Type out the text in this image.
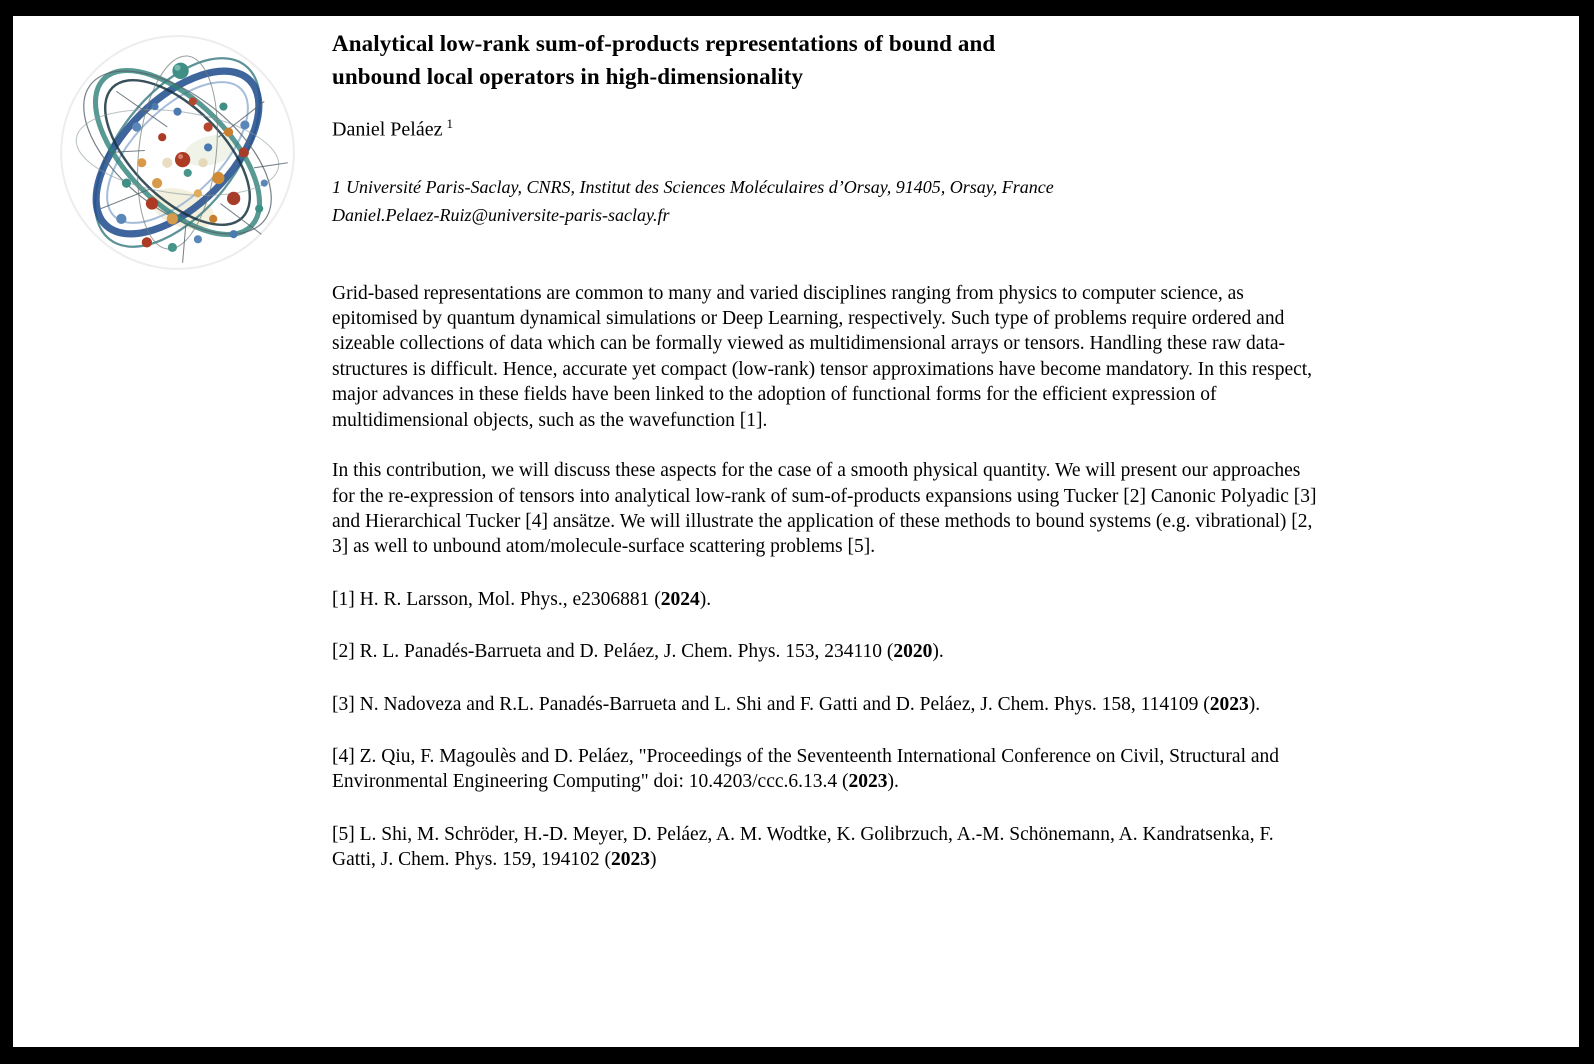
Analytical low-rank sum-of-products representations of bound and
unbound local operators in high-dimensionality
Daniel Peláez $^1$
1 Université Paris-Saclay, CNRS, Institut des Sciences Moléculaires d’Orsay, 91405, Orsay, France
Daniel.Pelaez-Ruiz@universite-paris-saclay.fr

Grid-based representations are common to many and varied disciplines ranging from physics to computer science, as epitomised by quantum dynamical simulations or Deep Learning, respectively. Such type of problems require ordered and sizeable collections of data which can be formally viewed as multidimensional arrays or tensors. Handling these raw data-structures is difficult. Hence, accurate yet compact (low-rank) tensor approximations have become mandatory. In this respect, major advances in these fields have been linked to the adoption of functional forms for the efficient expression of multidimensional objects, such as the wavefunction [1].

In this contribution, we will discuss these aspects for the case of a smooth physical quantity. We will present our approaches for the re-expression of tensors into analytical low-rank of sum-of-products expansions using Tucker [2] Canonic Polyadic [3] and Hierarchical Tucker [4] ansätze. We will illustrate the application of these methods to bound systems (e.g. vibrational) [2, 3] as well to unbound atom/molecule-surface scattering problems [5].

[1] H. R. Larsson, Mol. Phys., e2306881 (2024).

[2] R. L. Panadés-Barrueta and D. Peláez, J. Chem. Phys. 153, 234110 (2020).

[3] N. Nadoveza and R.L. Panadés-Barrueta and L. Shi and F. Gatti and D. Peláez, J. Chem. Phys. 158, 114109 (2023).

[4] Z. Qiu, F. Magoulès and D. Peláez, "Proceedings of the Seventeenth International Conference on Civil, Structural and Environmental Engineering Computing" doi: 10.4203/ccc.6.13.4 (2023).

[5] L. Shi, M. Schröder, H.-D. Meyer, D. Peláez, A. M. Wodtke, K. Golibrzuch, A.-M. Schönemann, A. Kandratsenka, F. Gatti, J. Chem. Phys. 159, 194102 (2023)
